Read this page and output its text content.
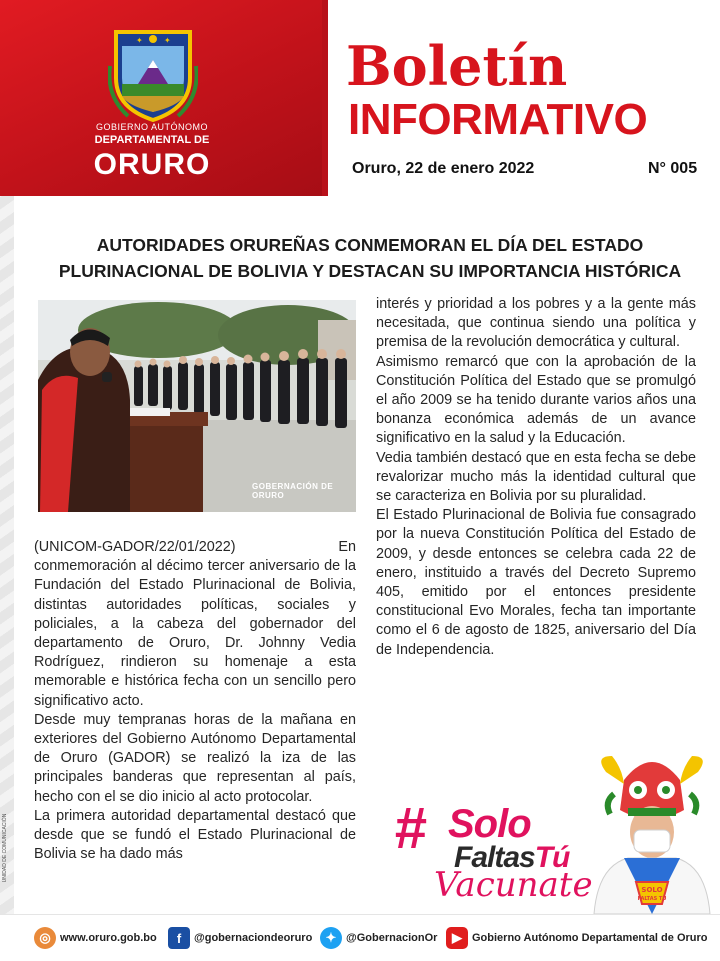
✦	✦
GOBIERNO AUTÓNOMO
DEPARTAMENTAL DE
ORURO
Boletín
INFORMATIVO
Oruro, 22 de enero 2022	N° 005
UNIDAD DE COMUNICACIÓN
AUTORIDADES ORUREÑAS CONMEMORAN EL DÍA DEL ESTADO
PLURINACIONAL DE BOLIVIA Y DESTACAN SU IMPORTANCIA HISTÓRICA
GOBERNACIÓN DE ORURO

(UNICOM-GADOR/22/01/2022) En conmemoración al décimo tercer aniversario de la Fundación del Estado Plurinacional de Bolivia, distintas autoridades políticas, sociales y policiales, a la cabeza del gobernador del departamento de Oruro, Dr. Johnny Vedia Rodríguez, rindieron su homenaje a esta memorable e histórica fecha con un sencillo pero significativo acto.

Desde muy tempranas horas de la mañana en exteriores del Gobierno Autónomo Departamental de Oruro (GADOR) se realizó la iza de las principales banderas que representan al país, hecho con el se dio inicio al acto protocolar.

La primera autoridad departamental destacó que desde que se fundó el Estado Plurinacional de Bolivia se ha dado más

interés y prioridad a los pobres y a la gente más necesitada, que continua siendo una política y premisa de la revolución democrática y cultural.

Asimismo remarcó que con la aprobación de la Constitución Política del Estado que se promulgó el año 2009 se ha tenido durante varios años una bonanza económica además de un avance significativo en la salud y la Educación.

Vedia también destacó que en esta fecha se debe revalorizar mucho más la identidad cultural que se caracteriza en Bolivia por su pluralidad.

El Estado Plurinacional de Bolivia fue consagrado por la nueva Constitución Política del Estado de 2009, y desde entonces se celebra cada 22 de enero, instituido a través del Decreto Supremo 405, emitido por el entonces presidente constitucional Evo Morales, fecha tan importante como el 6 de agosto de 1825, aniversario del Día de Independencia.

# Solo
FaltasTú
Vacunate	SOLO
FALTAS TÚ
◎ www.oruro.gob.bo	f	@gobernaciondeoruro	✦ @GobernacionOr	▶ Gobierno Autónomo Departamental de Oruro
